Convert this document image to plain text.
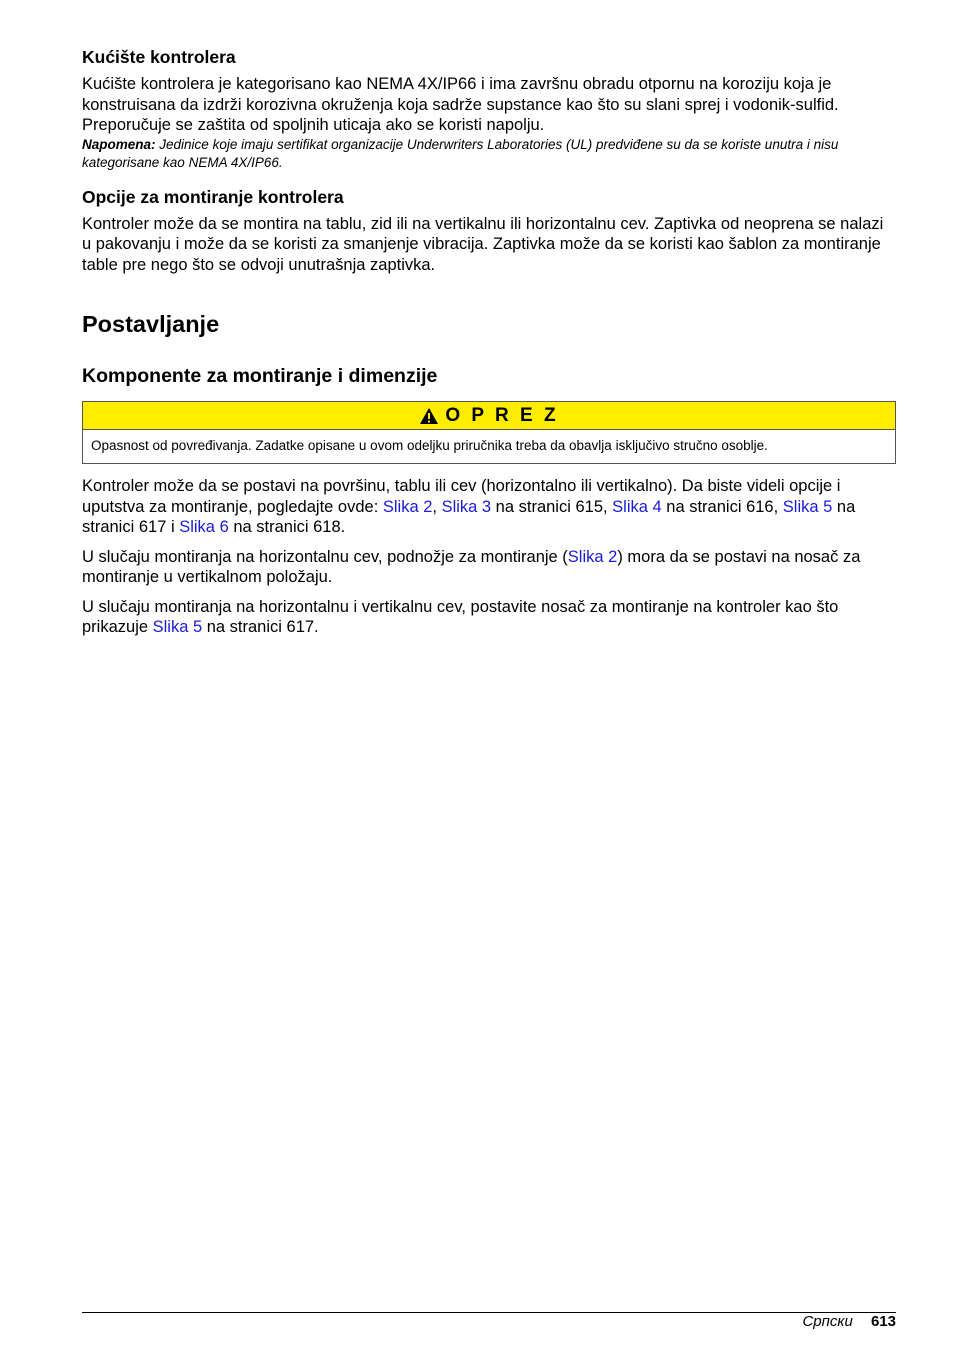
Kućište kontrolera

Kućište kontrolera je kategorisano kao NEMA 4X/IP66 i ima završnu obradu otpornu na koroziju koja je konstruisana da izdrži korozivna okruženja koja sadrže supstance kao što su slani sprej i vodonik-sulfid. Preporučuje se zaštita od spoljnih uticaja ako se koristi napolju.

Napomena: Jedinice koje imaju sertifikat organizacije Underwriters Laboratories (UL) predviđene su da se koriste unutra i nisu kategorisane kao NEMA 4X/IP66.

Opcije za montiranje kontrolera

Kontroler može da se montira na tablu, zid ili na vertikalnu ili horizontalnu cev. Zaptivka od neoprena se nalazi u pakovanju i može da se koristi za smanjenje vibracija. Zaptivka može da se koristi kao šablon za montiranje table pre nego što se odvoji unutrašnja zaptivka.

Postavljanje
Komponente za montiranje i dimenzije
O P R E Z
Opasnost od povređivanja. Zadatke opisane u ovom odeljku priručnika treba da obavlja isključivo stručno osoblje.

Kontroler može da se postavi na površinu, tablu ili cev (horizontalno ili vertikalno). Da biste videli opcije i uputstva za montiranje, pogledajte ovde: Slika 2, Slika 3 na stranici 615, Slika 4 na stranici 616, Slika 5 na stranici 617 i Slika 6 na stranici 618.

U slučaju montiranja na horizontalnu cev, podnožje za montiranje (Slika 2) mora da se postavi na nosač za montiranje u vertikalnom položaju.

U slučaju montiranja na horizontalnu i vertikalnu cev, postavite nosač za montiranje na kontroler kao što prikazuje Slika 5 na stranici 617.

Српски 613
